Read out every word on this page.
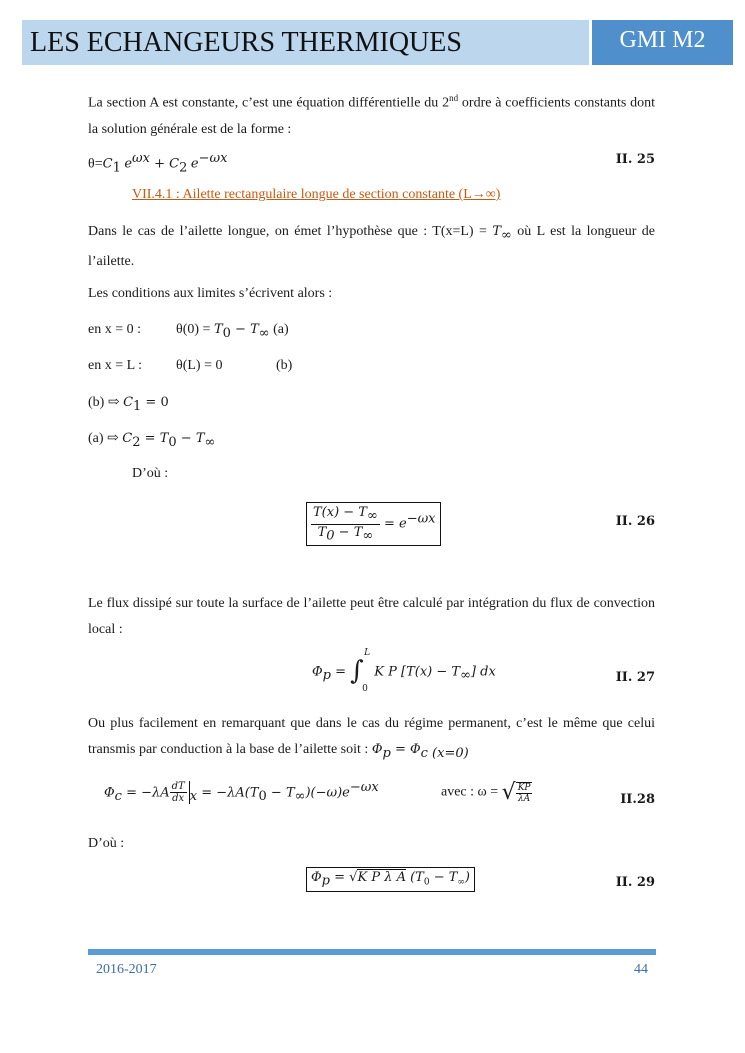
LES ECHANGEURS THERMIQUES	GMI M2
La section A est constante, c’est une équation différentielle du 2nd ordre à coefficients constants dont la solution générale est de la forme :
$\theta=C_1$ $e^{\omega x} + C_2$ $e^{-\omega x}$	II. 25
VII.4.1 : Ailette rectangulaire longue de section constante (L→∞)
Dans le cas de l’ailette longue, on émet l’hypothèse que : $T(x=L) = T_\infty$ où L est la longueur de l’ailette.
Les conditions aux limites s’écrivent alors :
en x = 0 :	$\theta(0) = T_0 - T_\infty$ (a)
en x = L : θ(L) = 0	(b)
(b) ⇨ $C_1 = 0$
(a) ⇨ $C_2 = T_0 - T_\infty$
D’où :
$\frac{T(x) - T_\infty}{T_0 - T_\infty} = e^{-\omega x}$	II. 26
Le flux dissipé sur toute la surface de l’ailette peut être calculé par intégration du flux de convection local :
$\Phi_p$ = ∫
L
0
K P $[T(x) - T_\infty]$ dx	II. 27
Ou plus facilement en remarquant que dans le cas du régime permanent, c’est le même que celui transmis par conduction à la base de l’ailette soit : $\Phi_p = \Phi_c$ $_{(x=0)}$
$\Phi_c = -\lambda A \frac{dT}{dx} _x = -\lambda A(T_0 - T_\infty)(-\omega)e^{-\omega x}$	avec : ω = √ $\frac{KP}{\lambda A}$	II.28
D’où :
$\Phi_p = √K$ P λ A $(T_0 - T_\infty)$	II. 29
2016-2017	44
